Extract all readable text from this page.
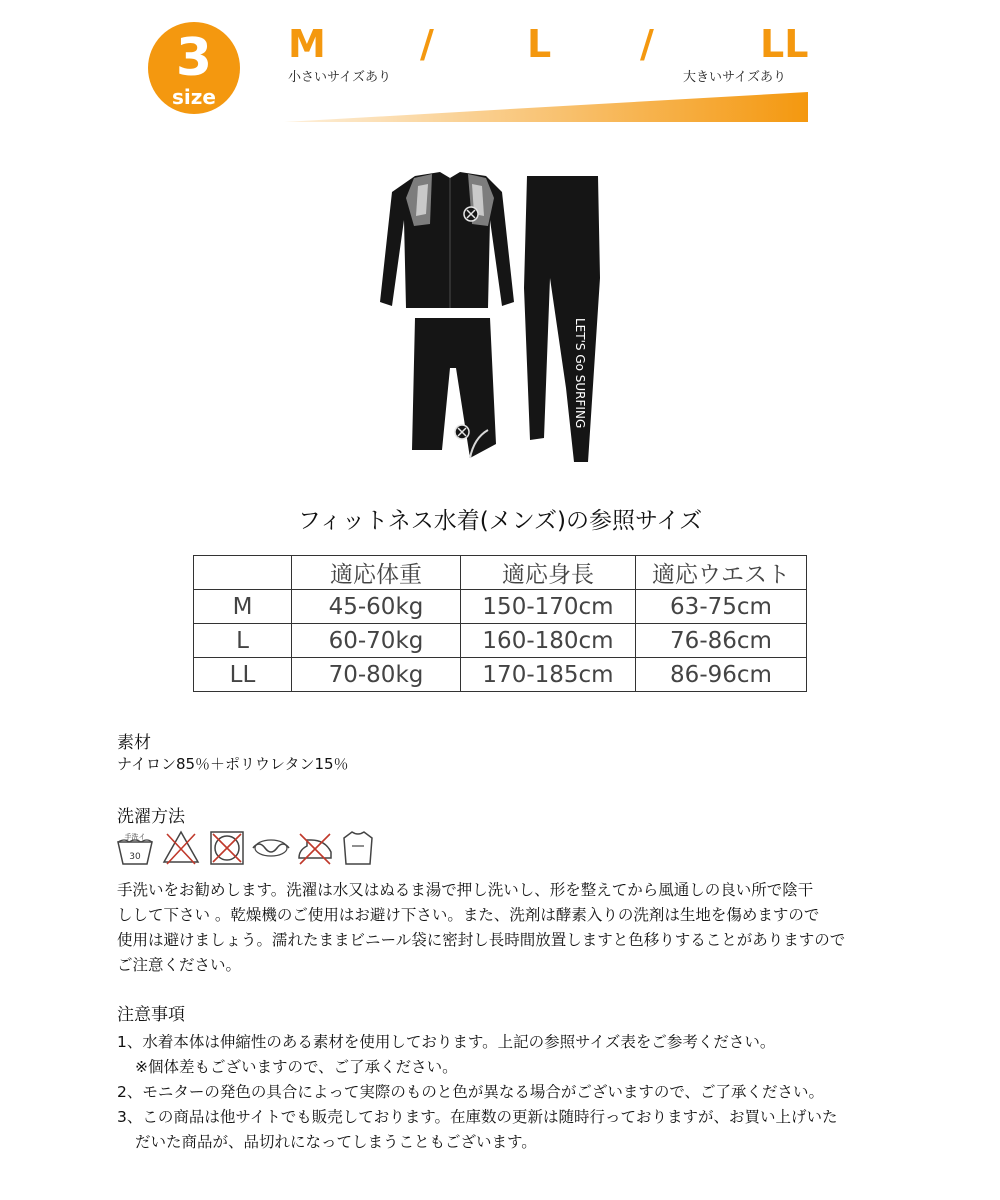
3
size
M / L /	LL
小さいサイズあり	大きいサイズあり
LET'S Go SURFING
フィットネス水着(メンズ)の参照サイズ
	適応体重	適応身長	適応ウエスト
M	45-60kg	150-170cm	63-75cm
L	60-70kg	160-180cm	76-86cm
LL	70-80kg	170-185cm	86-96cm
素材
ナイロン85％＋ポリウレタン15％
洗濯方法
手洗イ
30
手洗いをお勧めします。洗濯は水又はぬるま湯で押し洗いし、形を整えてから風通しの良い所で陰干
しして下さい 。乾燥機のご使用はお避け下さい。また、洗剤は酵素入りの洗剤は生地を傷めますので
使用は避けましょう。濡れたままビニール袋に密封し長時間放置しますと色移りすることがありますので
ご注意ください。
注意事項
1、水着本体は伸縮性のある素材を使用しております。上記の参照サイズ表をご参考ください。
※個体差もございますので、ご了承ください。
2、モニターの発色の具合によって実際のものと色が異なる場合がございますので、ご了承ください。
3、この商品は他サイトでも販売しております。在庫数の更新は随時行っておりますが、お買い上げいた
だいた商品が、品切れになってしまうこともございます。
